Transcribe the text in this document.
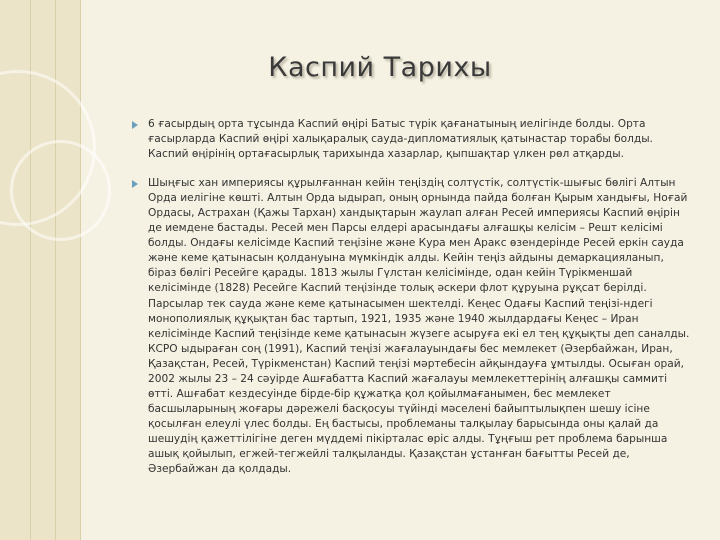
Каспий Тарихы
6 ғасырдың орта тұсында Каспий өңірі Батыс түрік қағанатының иелігінде болды. Орта ғасырларда Каспий өңірі халықаралық сауда-дипломатиялық қатынастар торабы болды. Каспий өңірінің ортағасырлық тарихында хазарлар, қыпшақтар үлкен рөл атқарды.
Шыңғыс хан империясы құрылғаннан кейін теңіздің солтүстік, солтүстік-шығыс бөлігі Алтын Орда иелігіне көшті. Алтын Орда ыдырап, оның орнында пайда болған Қырым хандығы, Ноғай Ордасы, Астрахан (Қажы Тархан) хандықтарын жаулап алған Ресей империясы Каспий өңірін де иемдене бастады. Ресей мен Парсы елдері арасындағы алғашқы келісім – Решт келісімі болды. Ондағы келісімде Каспий теңізіне және Кура мен Аракс өзендерінде Ресей еркін сауда және кеме қатынасын қолдануына мүмкіндік алды. Кейін теңіз айдыны демаркацияланып, біраз бөлігі Ресейге қарады. 1813 жылы Гүлстан келісімінде, одан кейін Түрікменшай келісімінде (1828) Ресейге Каспий теңізінде толық әскери флот құруына рұқсат берілді. Парсылар тек сауда және кеме қатынасымен шектелді. Кеңес Одағы Каспий теңізі-ндегі монополиялық құқықтан бас тартып, 1921, 1935 және 1940 жылдардағы Кеңес – Иран келісімінде Каспий теңізінде кеме қатынасын жүзеге асыруға екі ел тең құқықты деп саналды. КСРО ыдыраған соң (1991), Каспий теңізі жағалауындағы бес мемлекет (Әзербайжан, Иран, Қазақстан, Ресей, Түрікменстан) Каспий теңізі мәртебесін айқындауға ұмтылды. Осыған орай, 2002 жылы 23 – 24 сәуірде Ашғабатта Каспий жағалауы мемлекеттерінің алғашқы саммиті өтті. Ашғабат кездесуінде бірде-бір құжатқа қол қойылмағанымен, бес мемлекет басшыларының жоғары дәрежелі басқосуы түйінді мәселені байыптылықпен шешу ісіне қосылған елеулі үлес болды. Ең бастысы, проблеманы талқылау барысында оны қалай да шешудің қажеттілігіне деген мүддемі пікірталас өріс алды. Тұңғыш рет проблема барынша ашық қойылып, егжей-тегжейлі талқыланды. Қазақстан ұстанған бағытты Ресей де, Әзербайжан да қолдады.
